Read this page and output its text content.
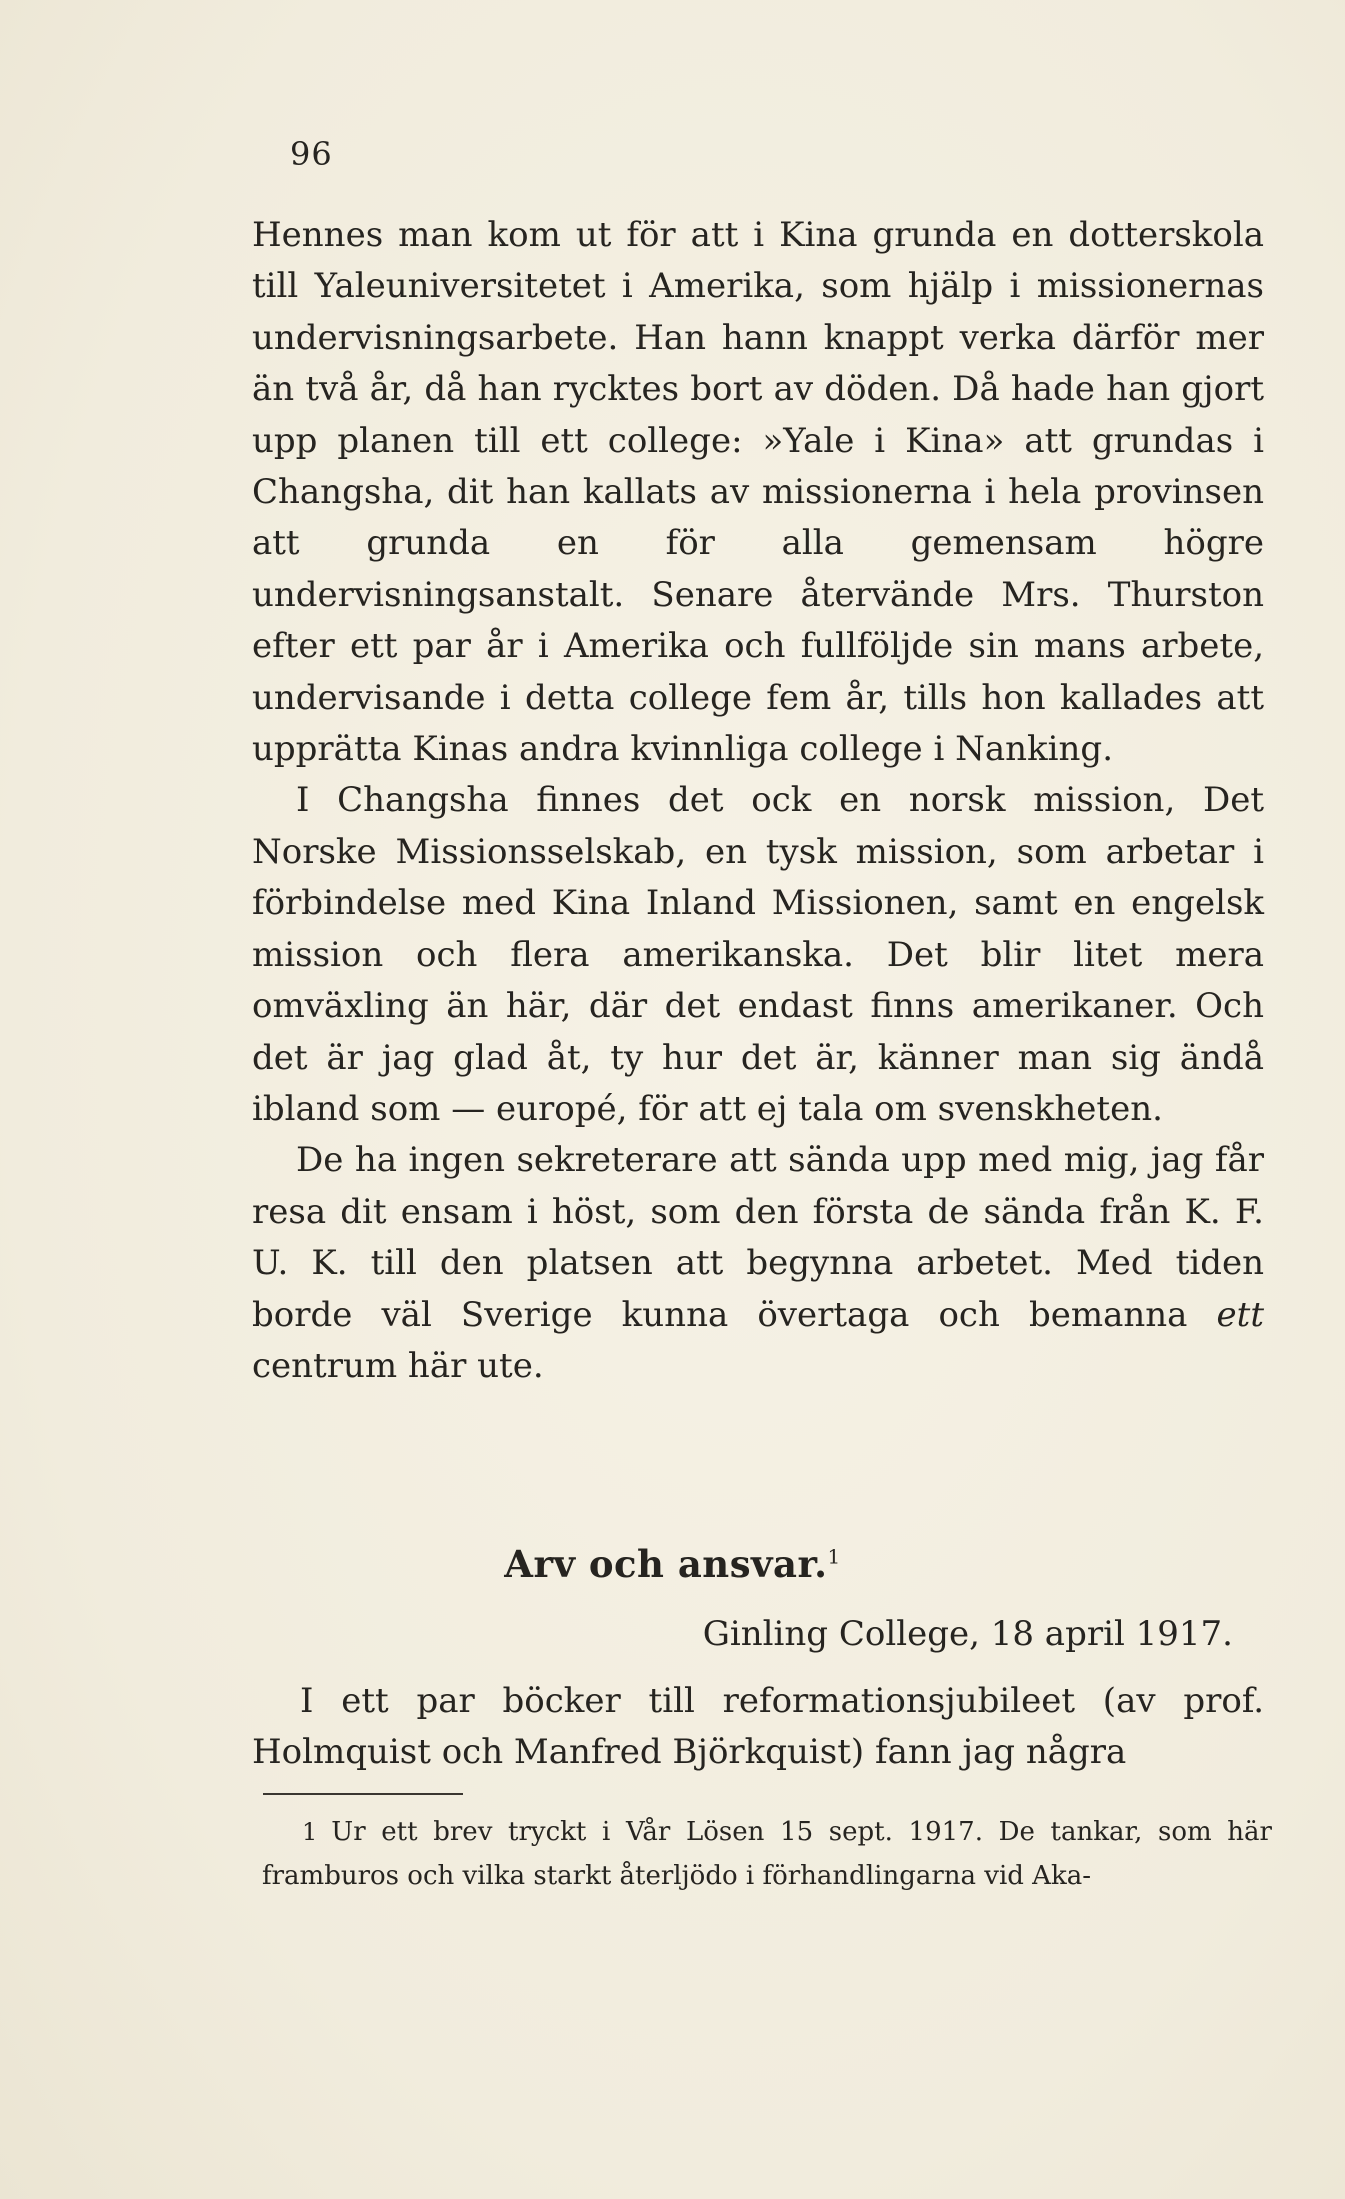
96

Hennes man kom ut för att i Kina grunda en dotterskola till Yaleuniversitetet i Amerika, som hjälp i missionernas undervisningsarbete. Han hann knappt verka därför mer än två år, då han rycktes bort av döden. Då hade han gjort upp planen till ett college: »Yale i Kina» att grundas i Changsha, dit han kallats av missionerna i hela provinsen att grunda en för alla gemensam högre undervisningsanstalt. Senare återvände Mrs. Thurston efter ett par år i Amerika och fullföljde sin mans arbete, undervisande i detta college fem år, tills hon kallades att upprätta Kinas andra kvinnliga college i Nanking.

I Changsha finnes det ock en norsk mission, Det Norske Missionsselskab, en tysk mission, som arbetar i förbindelse med Kina Inland Missionen, samt en engelsk mission och flera amerikanska. Det blir litet mera omväxling än här, där det endast finns amerikaner. Och det är jag glad åt, ty hur det är, känner man sig ändå ibland som — europé, för att ej tala om svenskheten.

De ha ingen sekreterare att sända upp med mig, jag får resa dit ensam i höst, som den första de sända från K. F. U. K. till den platsen att begynna arbetet. Med tiden borde väl Sverige kunna övertaga och bemanna ett centrum här ute.

Arv och ansvar.$^1$
Ginling College, 18 april 1917.

I ett par böcker till reformationsjubileet (av prof. Holmquist och Manfred Björkquist) fann jag några

1 Ur ett brev tryckt i Vår Lösen 15 sept. 1917. De tankar, som här framburos och vilka starkt återljödo i förhandlingarna vid Aka-
